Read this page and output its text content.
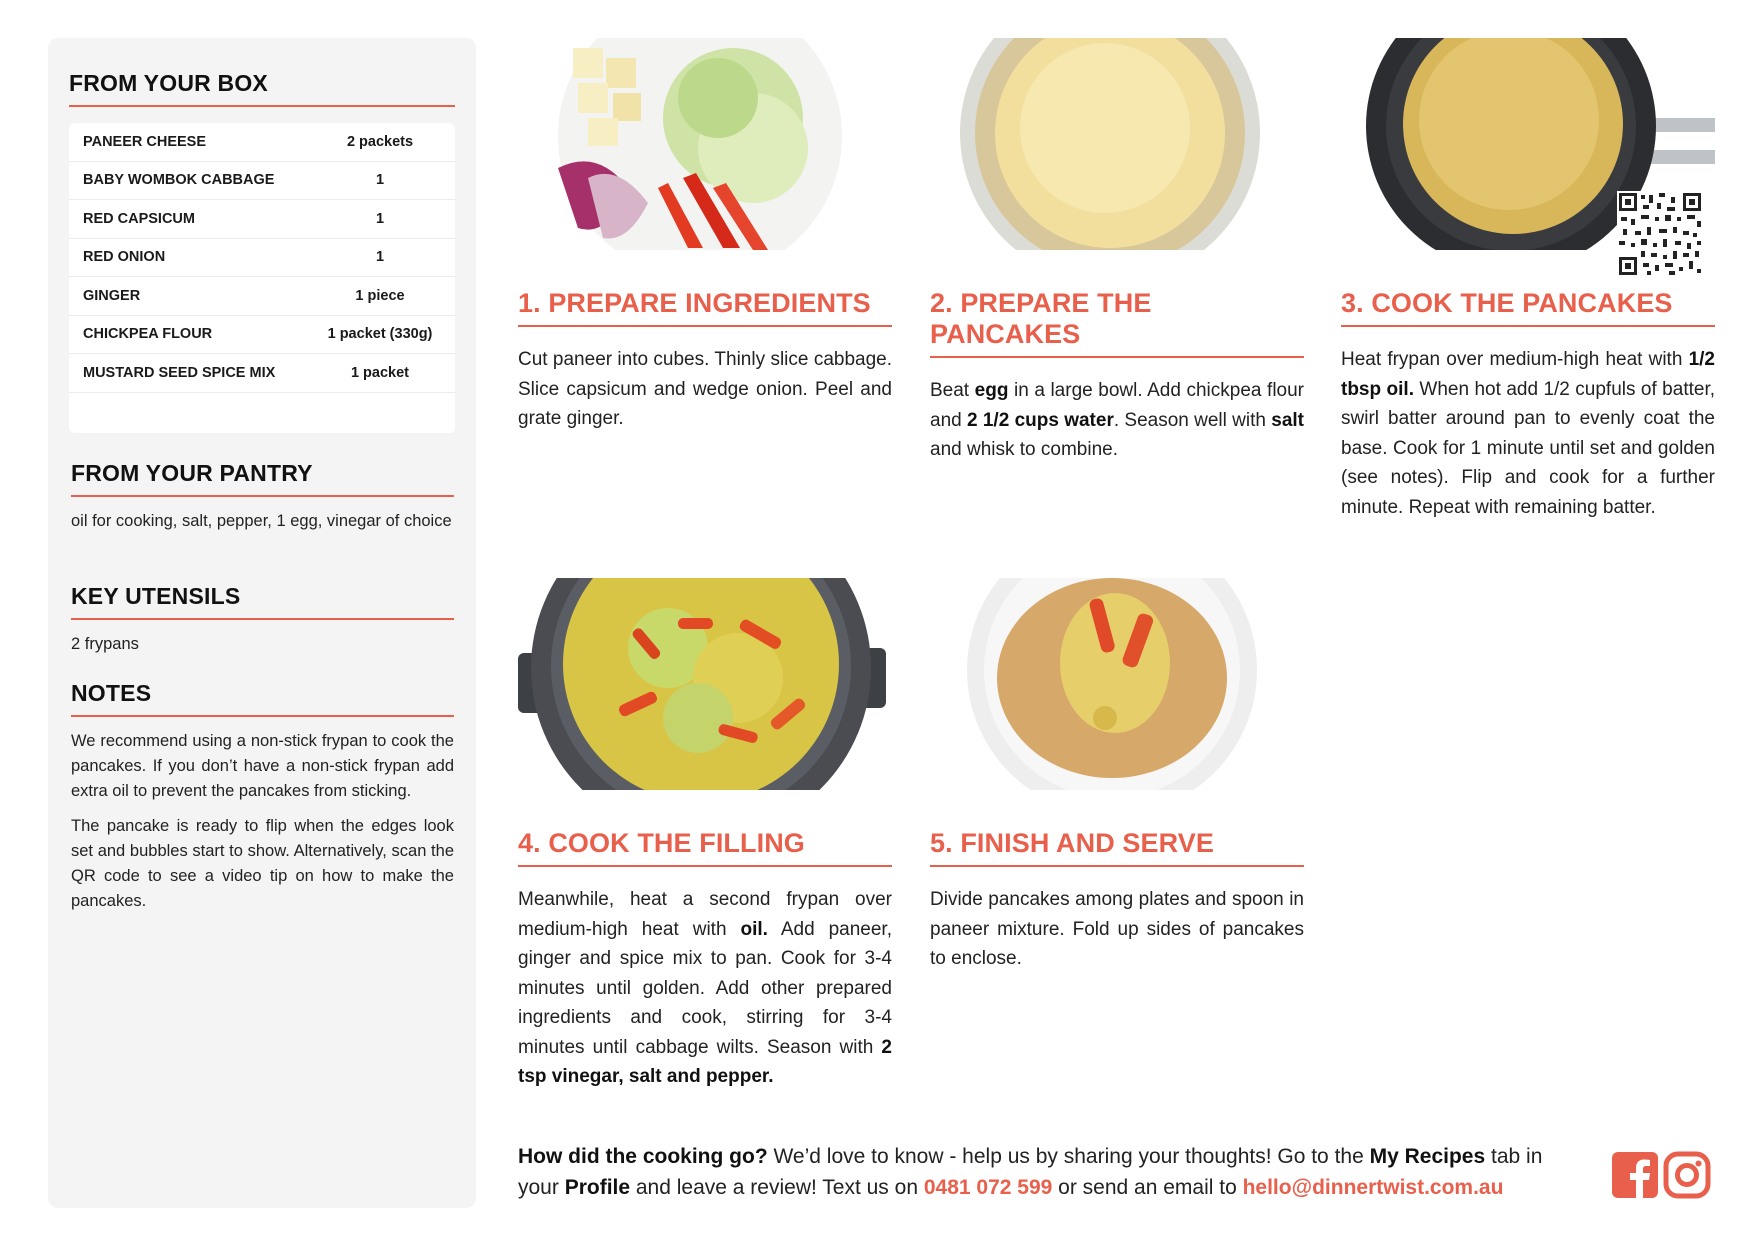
FROM YOUR BOX
PANEER CHEESE	2 packets
BABY WOMBOK CABBAGE	1
RED CAPSICUM	1
RED ONION	1
GINGER	1 piece
CHICKPEA FLOUR	1 packet (330g)
MUSTARD SEED SPICE MIX	1 packet
FROM YOUR PANTRY

oil for cooking, salt, pepper, 1 egg, vinegar of choice

KEY UTENSILS

2 frypans

NOTES

We recommend using a non-stick frypan to cook the pancakes. If you don’t have a non-stick frypan add extra oil to prevent the pancakes from sticking.

The pancake is ready to flip when the edges look set and bubbles start to show. Alternatively, scan the QR code to see a video tip on how to make the pancakes.

1. PREPARE INGREDIENTS

Cut paneer into cubes. Thinly slice cabbage. Slice capsicum and wedge onion. Peel and grate ginger.

2. PREPARE THE PANCAKES

Beat egg in a large bowl. Add chickpea flour and 2 1/2 cups water. Season well with salt and whisk to combine.

3. COOK THE PANCAKES

Heat frypan over medium-high heat with 1/2 tbsp oil. When hot add 1/2 cupfuls of batter, swirl batter around pan to evenly coat the base. Cook for 1 minute until set and golden (see notes). Flip and cook for a further minute. Repeat with remaining batter.

4. COOK THE FILLING

Meanwhile, heat a second frypan over medium-high heat with oil. Add paneer, ginger and spice mix to pan. Cook for 3-4 minutes until golden. Add other prepared ingredients and cook, stirring for 3-4 minutes until cabbage wilts. Season with 2 tsp vinegar, salt and pepper.

5. FINISH AND SERVE

Divide pancakes among plates and spoon in paneer mixture. Fold up sides of pancakes to enclose.

How did the cooking go? We’d love to know - help us by sharing your thoughts! Go to the My Recipes tab in your Profile and leave a review! Text us on 0481 072 599 or send an email to hello@dinnertwist.com.au
